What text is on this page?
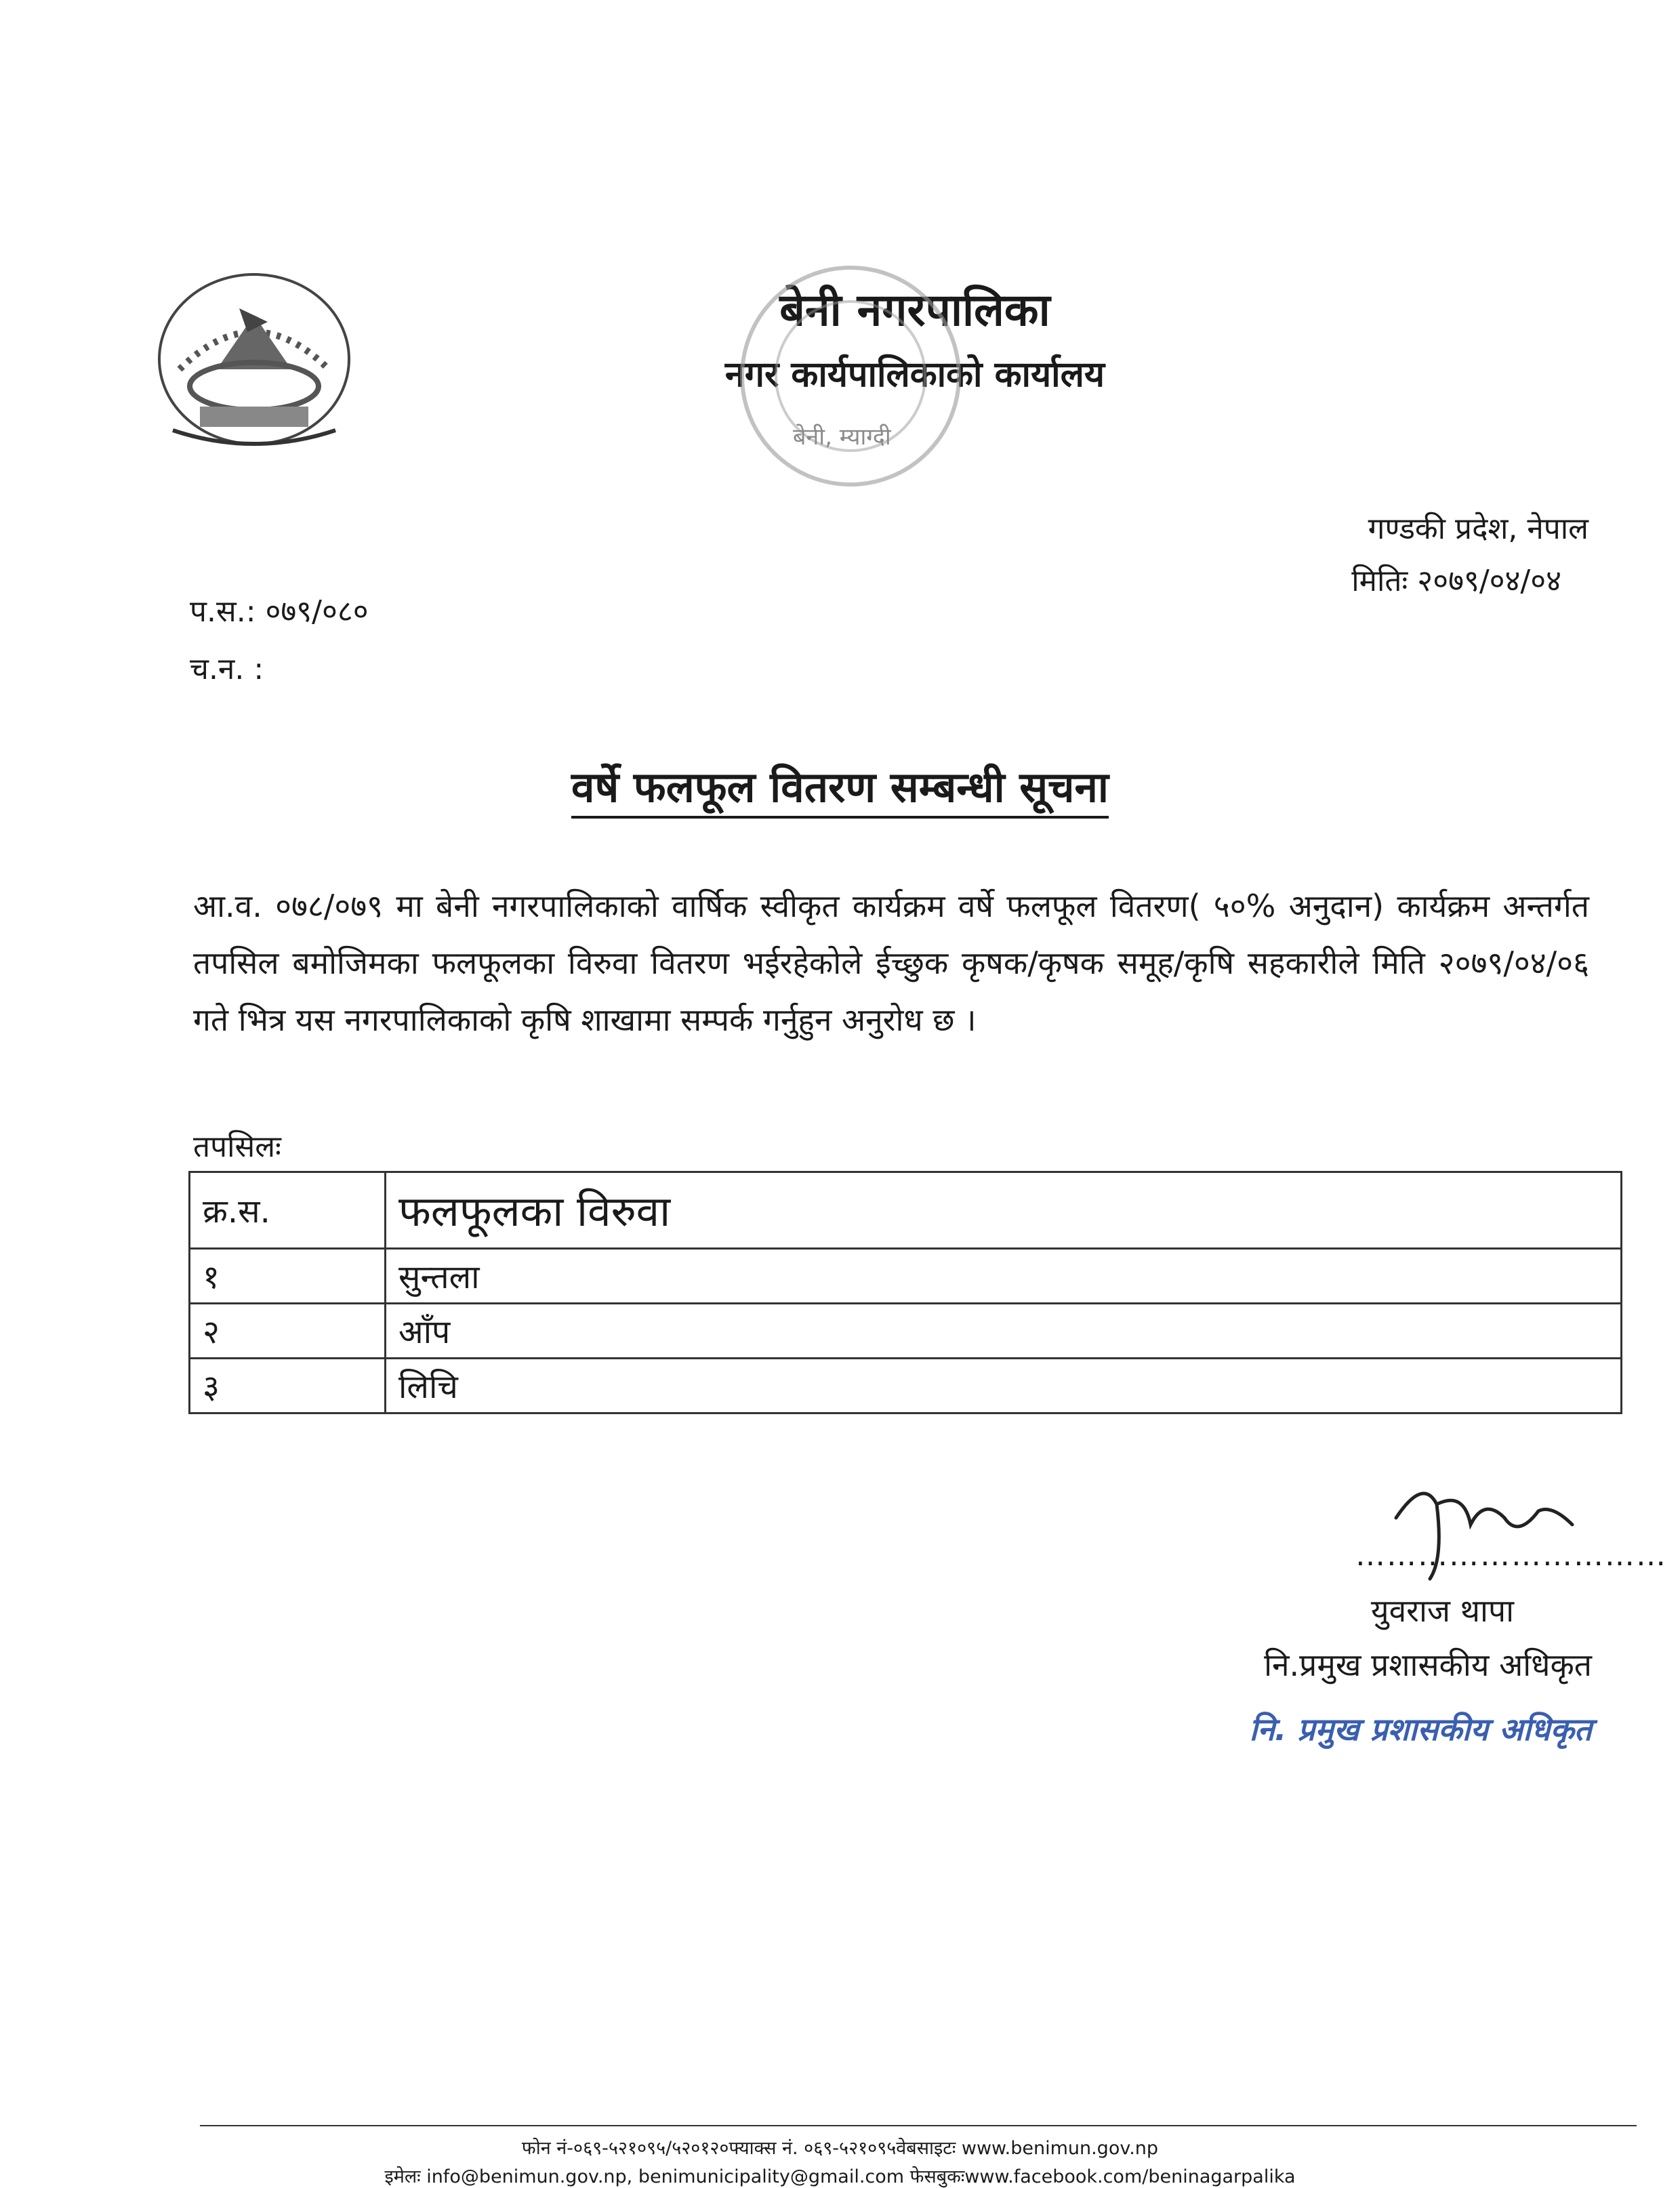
बेनी नगरपालिका
नगर कार्यपालिकाको कार्यालय
बेनी, म्याग्दी
गण्डकी प्रदेश, नेपाल
मितिः २०७९/०४/०४
प.स.: ०७९/०८०
च.न. :
वर्षे फलफूल वितरण सम्बन्धी सूचना
आ.व. ०७८/०७९ मा बेनी नगरपालिकाको वार्षिक स्वीकृत कार्यक्रम वर्षे फलफूल वितरण( ५०% अनुदान) कार्यक्रम अन्तर्गत तपसिल बमोजिमका फलफूलका विरुवा वितरण भईरहेकोले ईच्छुक कृषक/कृषक समूह/कृषि सहकारीले मिति २०७९/०४/०६ गते भित्र यस नगरपालिकाको कृषि शाखामा सम्पर्क गर्नुहुन अनुरोध छ ।
तपसिलः
क्र.स.	फलफूलका विरुवा
१	सुन्तला
२	आँप
३	लिचि
…………………………
युवराज थापा
नि.प्रमुख प्रशासकीय अधिकृत
नि. प्रमुख प्रशासकीय अधिकृत
फोन नं-०६९-५२१०९५/५२०१२०फ्याक्स नं. ०६९-५२१०९५वेबसाइटः www.benimun.gov.np
इमेलः info@benimun.gov.np, benimunicipality@gmail.com फेसबुकःwww.facebook.com/beninagarpalika
